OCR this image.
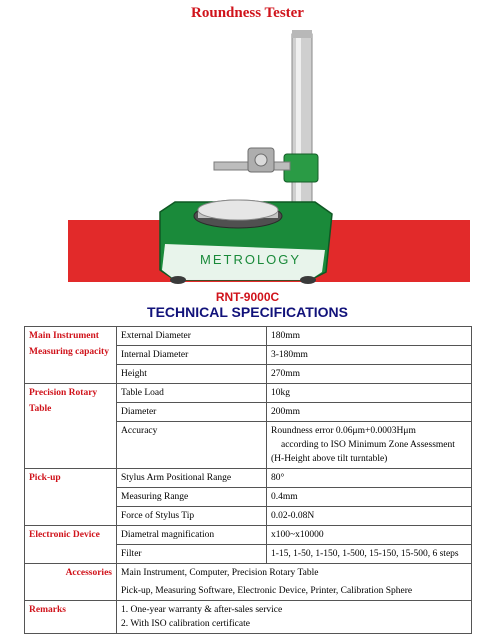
Roundness Tester
METROLOGY
RNT-9000C
TECHNICAL SPECIFICATIONS
Main Instrument
Measuring capacity	External Diameter	180mm
	Internal Diameter	3-180mm
	Height	270mm

Precision Rotary
Table	Table Load	10kg
	Diameter	200mm
	Accuracy	Roundness error 0.06μm+0.0003Hμm
according to ISO Minimum Zone Assessment
(H-Height above tilt turntable)

Pick-up	Stylus Arm Positional Range	80°
	Measuring Range	0.4mm
	Force of Stylus Tip	0.02-0.08N
Electronic Device	Diametral magnification	x100~x10000
	Filter	1-15, 1-50, 1-150, 1-500, 15-150, 15-500, 6 steps
Accessories	Main Instrument, Computer, Precision Rotary Table
Pick-up, Measuring Software, Electronic Device, Printer, Calibration Sphere	

Remarks	1. One-year warranty & after-sales service
2. With ISO calibration certificate	
